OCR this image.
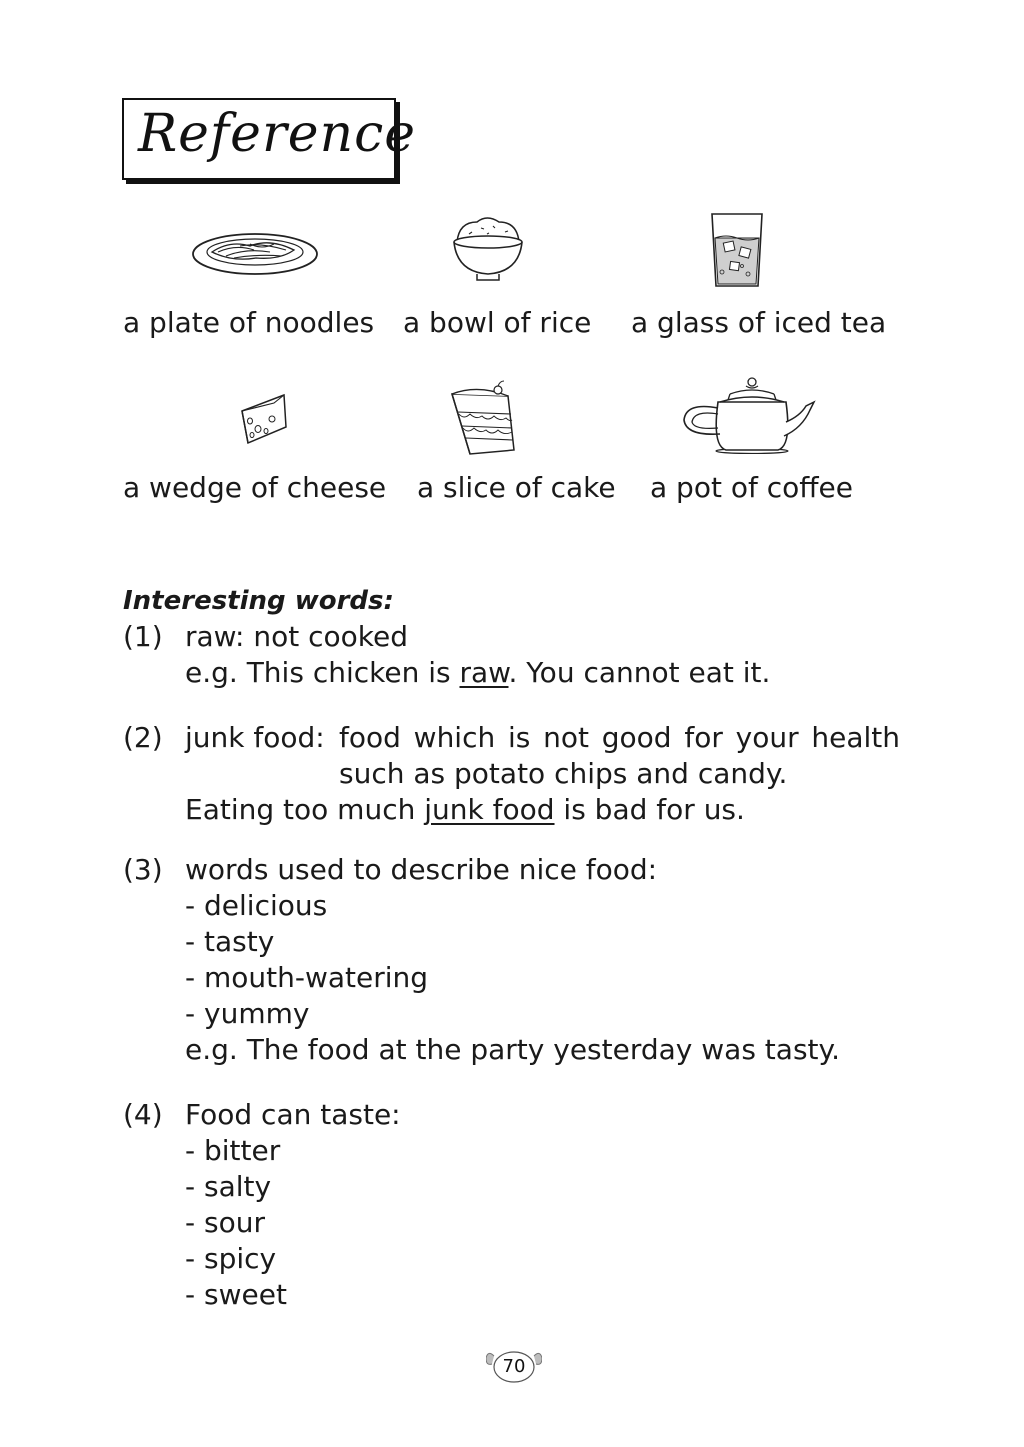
Reference
a plate of noodles a bowl of rice a glass of iced tea
a wedge of cheese a slice of cake a pot of coffee
Interesting words:
(1) raw: not cooked
e.g. This chicken is raw. You cannot eat it.
(2) junk food: food which is not good for your health
such as potato chips and candy.
Eating too much junk food is bad for us.
(3) words used to describe nice food:
- delicious
- tasty
- mouth-watering
- yummy
e.g. The food at the party yesterday was tasty.
(4) Food can taste:
- bitter
- salty
- sour
- spicy
- sweet
70
